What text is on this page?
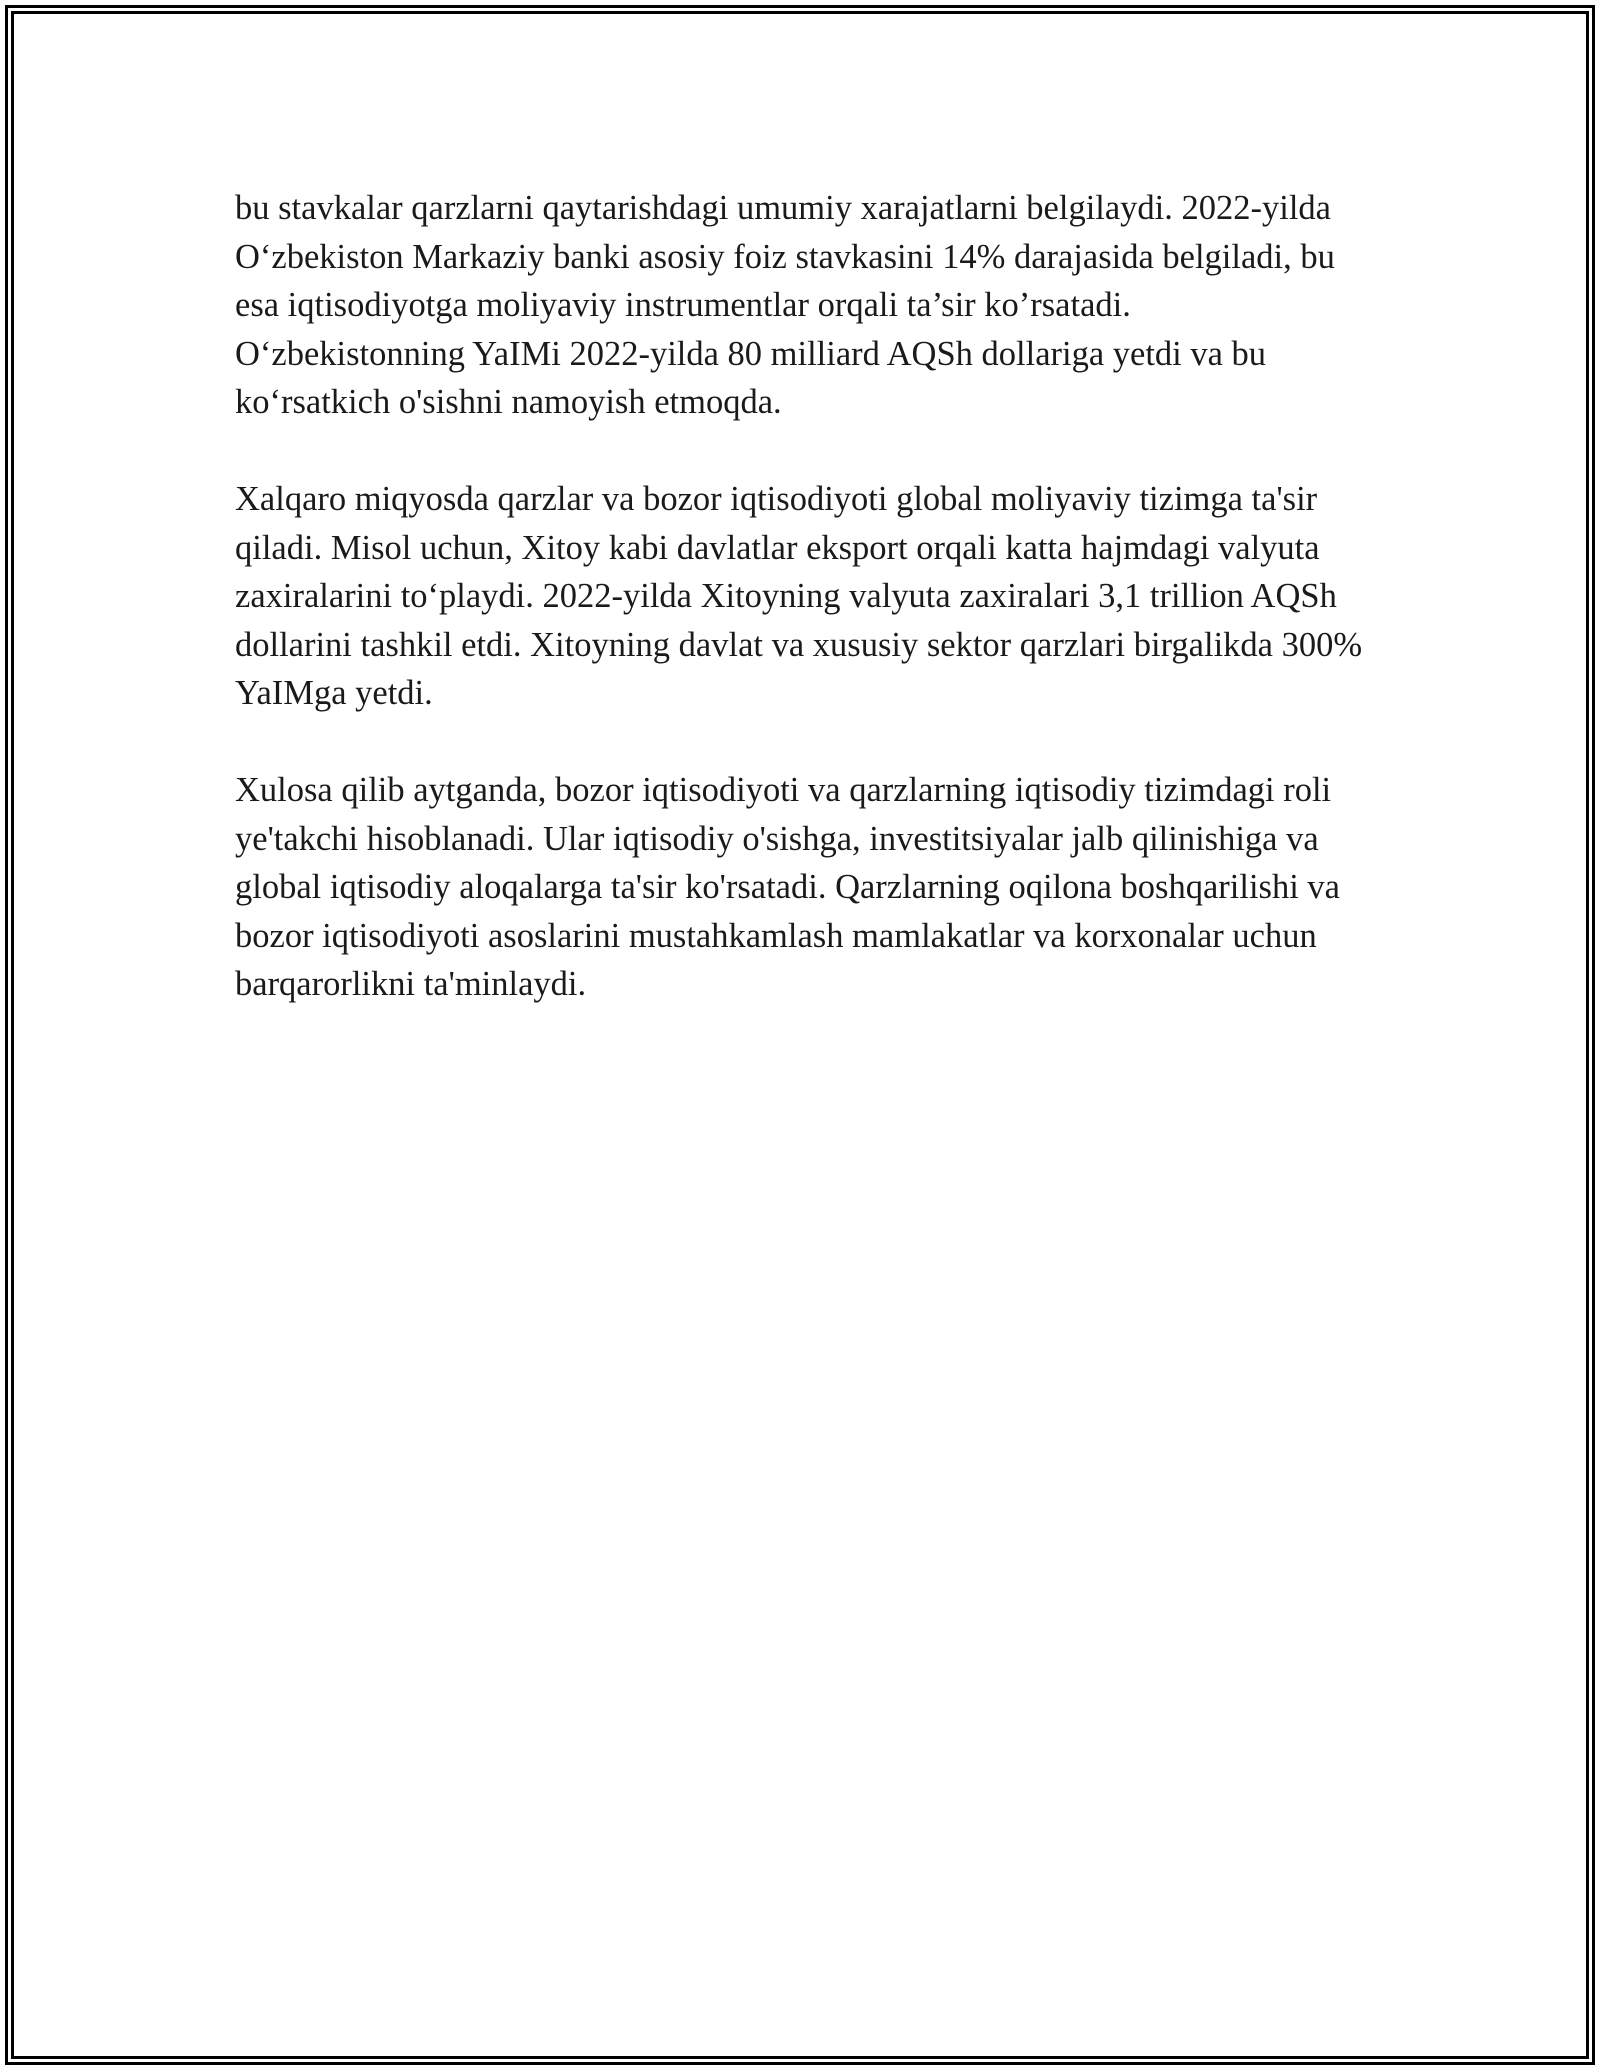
bu stavkalar qarzlarni qaytarishdagi umumiy xarajatlarni belgilaydi. 2022-yilda O‘zbekiston Markaziy banki asosiy foiz stavkasini 14% darajasida belgiladi, bu esa iqtisodiyotga moliyaviy instrumentlar orqali ta’sir ko’rsatadi. O‘zbekistonning YaIMi 2022-yilda 80 milliard AQSh dollariga yetdi va bu ko‘rsatkich o'sishni namoyish etmoqda.

Xalqaro miqyosda qarzlar va bozor iqtisodiyoti global moliyaviy tizimga ta'sir qiladi. Misol uchun, Xitoy kabi davlatlar eksport orqali katta hajmdagi valyuta zaxiralarini to‘playdi. 2022-yilda Xitoyning valyuta zaxiralari 3,1 trillion AQSh dollarini tashkil etdi. Xitoyning davlat va xususiy sektor qarzlari birgalikda 300% YaIMga yetdi.

Xulosa qilib aytganda, bozor iqtisodiyoti va qarzlarning iqtisodiy tizimdagi roli ye'takchi hisoblanadi. Ular iqtisodiy o'sishga, investitsiyalar jalb qilinishiga va global iqtisodiy aloqalarga ta'sir ko'rsatadi. Qarzlarning oqilona boshqarilishi va bozor iqtisodiyoti asoslarini mustahkamlash mamlakatlar va korxonalar uchun barqarorlikni ta'minlaydi.
